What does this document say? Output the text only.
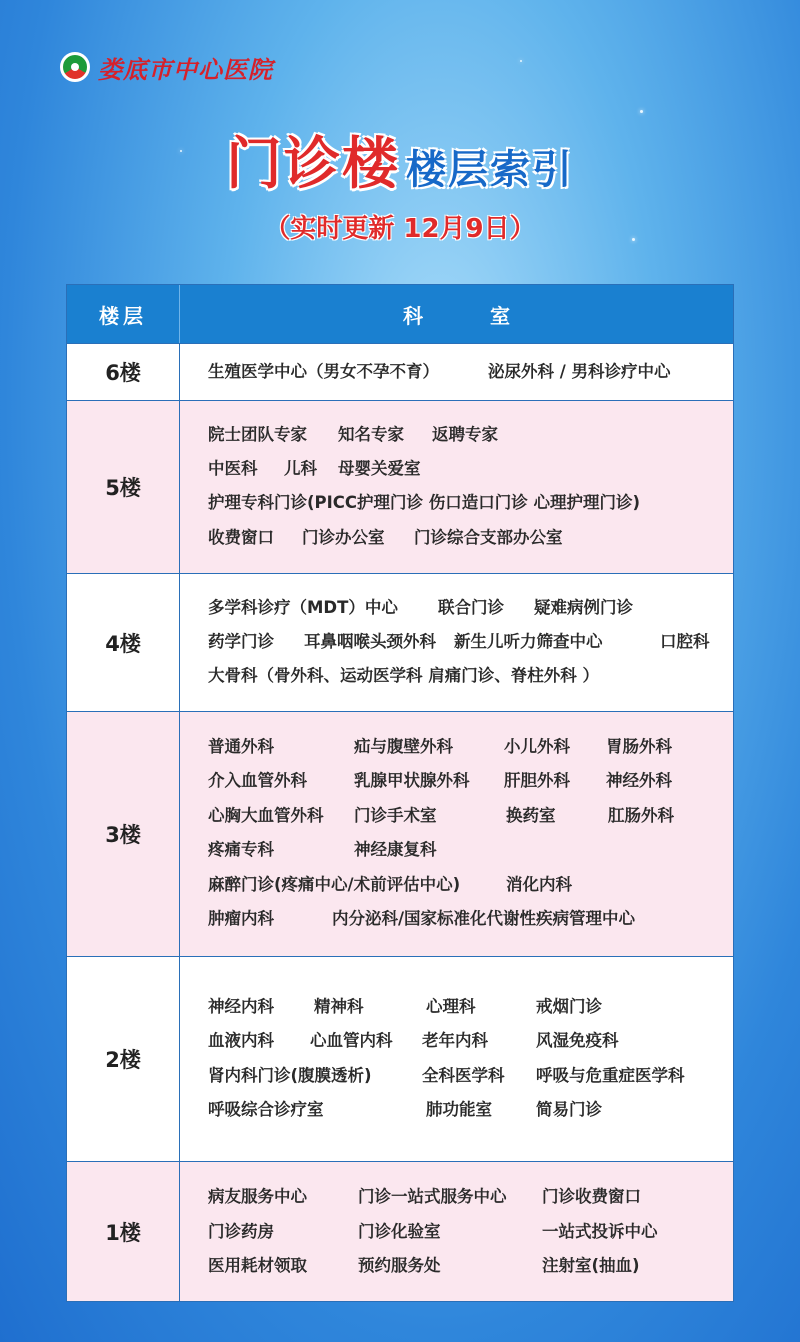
娄底市中心医院
门诊楼 楼层索引
（实时更新 12月9日）
楼层	科 室
6楼	生殖医学中心（男女不孕不育）	泌尿外科 / 男科诊疗中心
5楼
院士团队专家 知名专家 返聘专家
中医科 儿科 母婴关爱室
护理专科门诊(PICC护理门诊 伤口造口门诊 心理护理门诊)
收费窗口 门诊办公室 门诊综合支部办公室
4楼
多学科诊疗（MDT）中心 联合门诊 疑难病例门诊
药学门诊 耳鼻咽喉头颈外科 新生儿听力筛查中心	口腔科
大骨科（骨外科、运动医学科 肩痛门诊、脊柱外科 ）
3楼
普通外科	疝与腹壁外科	小儿外科 胃肠外科
介入血管外科	乳腺甲状腺外科 肝胆外科 神经外科
心胸大血管外科 门诊手术室	换药室	肛肠外科
疼痛专科	神经康复科
麻醉门诊(疼痛中心/术前评估中心)	消化内科
肿瘤内科	内分泌科/国家标准化代谢性疾病管理中心
2楼
神经内科 精神科	心理科	戒烟门诊
血液内科 心血管内科 老年内科	风湿免疫科
肾内科门诊(腹膜透析)	全科医学科 呼吸与危重症医学科
呼吸综合诊疗室	肺功能室	简易门诊
1楼
病友服务中心	门诊一站式服务中心 门诊收费窗口
门诊药房	门诊化验室	一站式投诉中心
医用耗材领取	预约服务处	注射室(抽血)
